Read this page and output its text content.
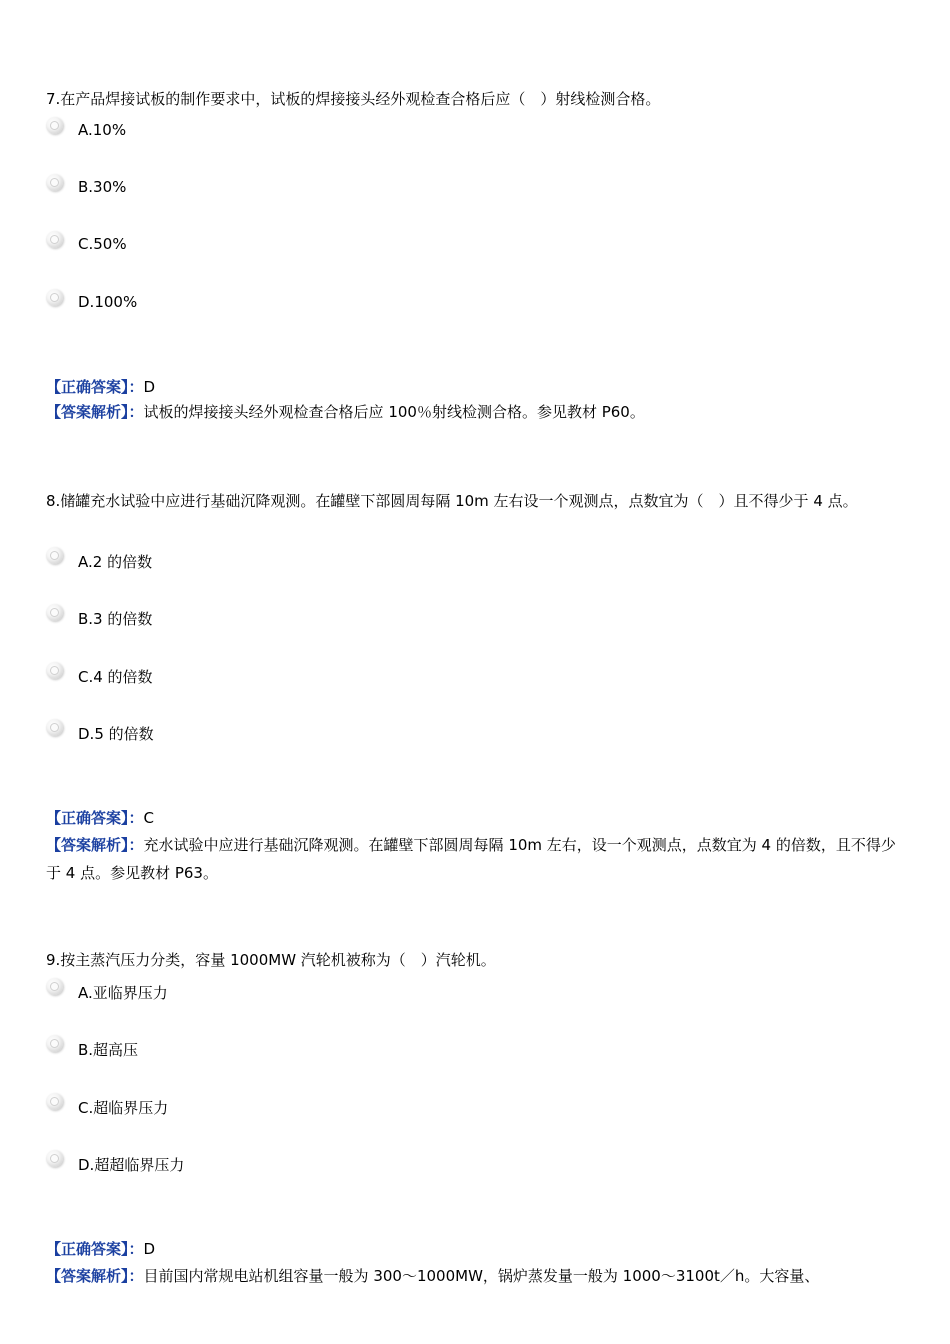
7.在产品焊接试板的制作要求中，试板的焊接接头经外观检查合格后应（　）射线检测合格。
A.10%
B.30%
C.50%
D.100%
【正确答案】：D
【答案解析】：试板的焊接接头经外观检查合格后应 100％射线检测合格。参见教材 P60。
8.储罐充水试验中应进行基础沉降观测。在罐壁下部圆周每隔 10m 左右设一个观测点，点数宜为（　）且不得少于 4 点。
A.2 的倍数
B.3 的倍数
C.4 的倍数
D.5 的倍数
【正确答案】：C
【答案解析】：充水试验中应进行基础沉降观测。在罐壁下部圆周每隔 10m 左右，设一个观测点，点数宜为 4 的倍数，且不得少于 4 点。参见教材 P63。
9.按主蒸汽压力分类，容量 1000MW 汽轮机被称为（　）汽轮机。
A.亚临界压力
B.超高压
C.超临界压力
D.超超临界压力
【正确答案】：D
【答案解析】：目前国内常规电站机组容量一般为 300～1000MW，锅炉蒸发量一般为 1000～3100t／h。大容量、
